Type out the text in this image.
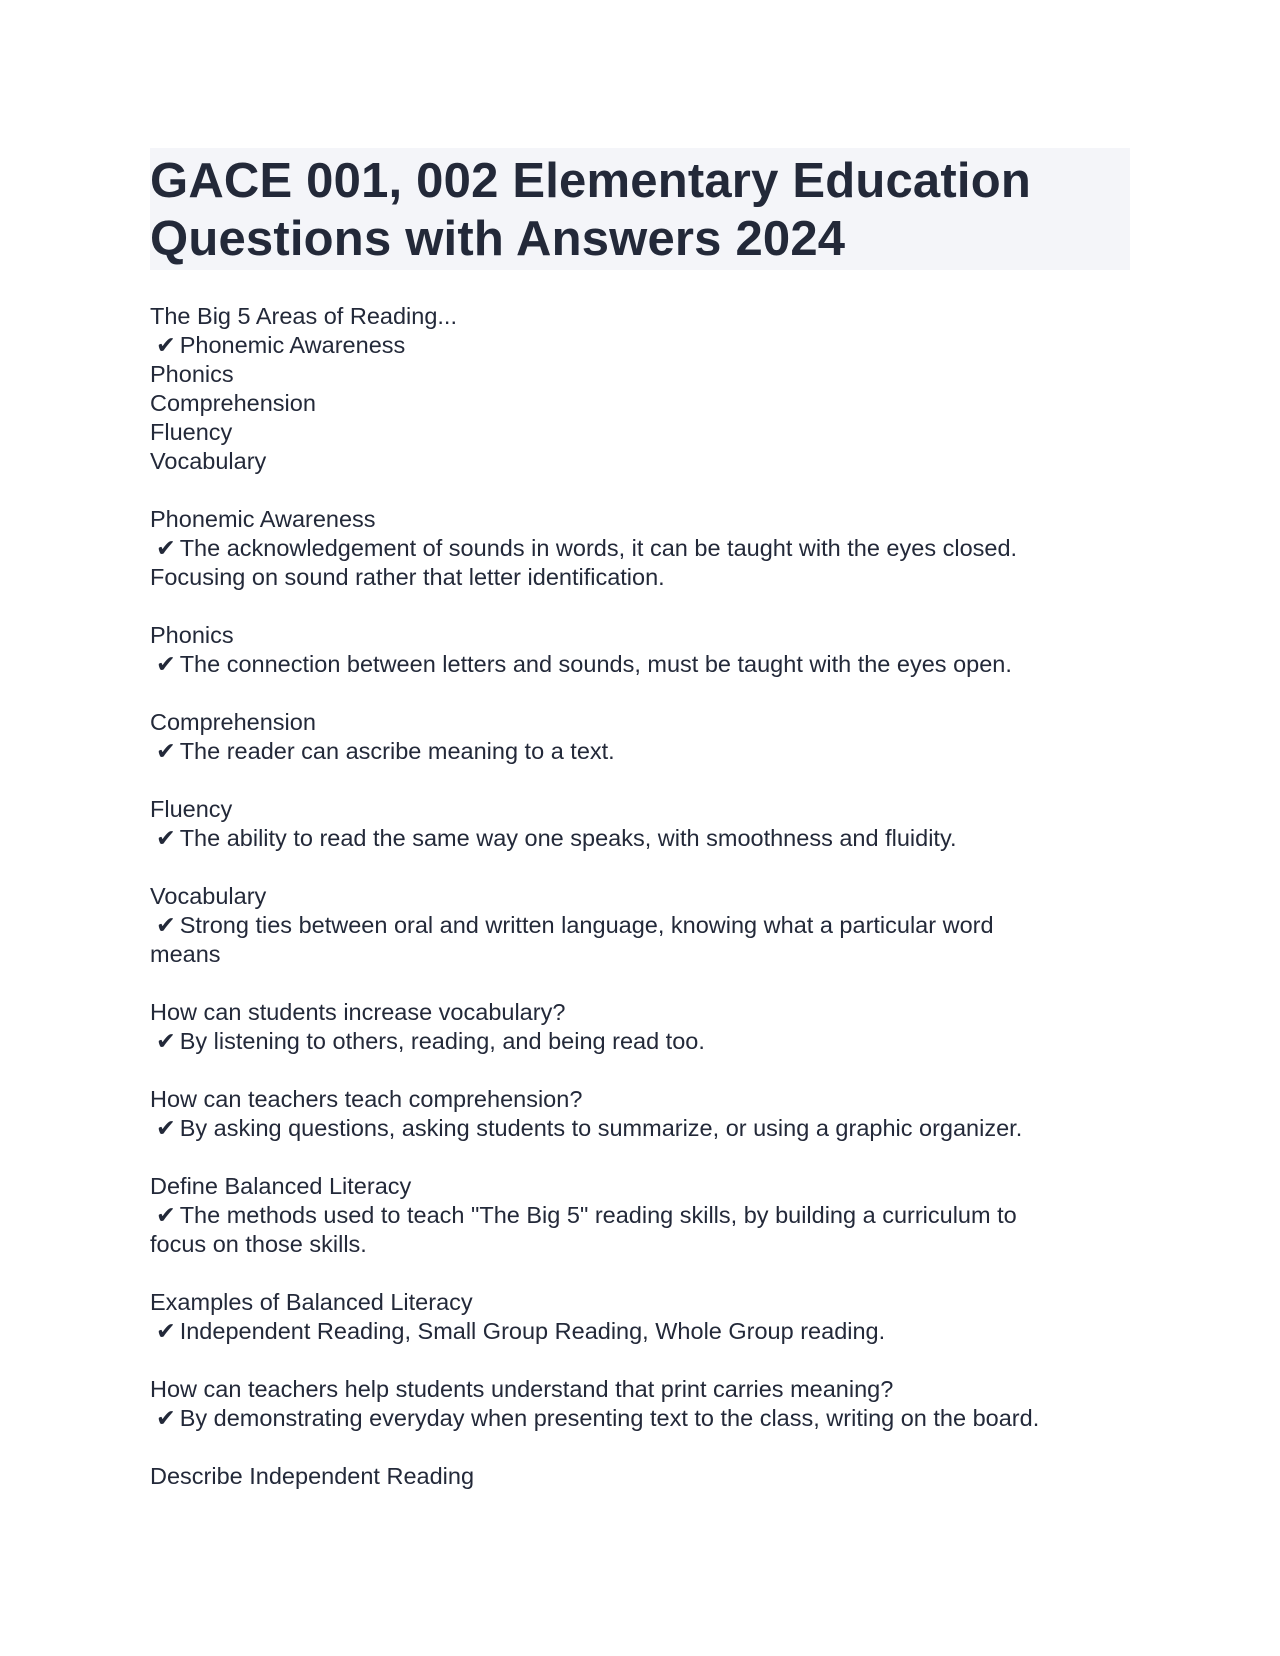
GACE 001, 002 Elementary Education
Questions with Answers 2024
The Big 5 Areas of Reading...
✔ Phonemic Awareness
Phonics
Comprehension
Fluency
Vocabulary
Phonemic Awareness
✔ The acknowledgement of sounds in words, it can be taught with the eyes closed.
Focusing on sound rather that letter identification.
Phonics
✔ The connection between letters and sounds, must be taught with the eyes open.
Comprehension
✔ The reader can ascribe meaning to a text.
Fluency
✔ The ability to read the same way one speaks, with smoothness and fluidity.
Vocabulary
✔ Strong ties between oral and written language, knowing what a particular word
means
How can students increase vocabulary?
✔ By listening to others, reading, and being read too.
How can teachers teach comprehension?
✔ By asking questions, asking students to summarize, or using a graphic organizer.
Define Balanced Literacy
✔ The methods used to teach "The Big 5" reading skills, by building a curriculum to
focus on those skills.
Examples of Balanced Literacy
✔ Independent Reading, Small Group Reading, Whole Group reading.
How can teachers help students understand that print carries meaning?
✔ By demonstrating everyday when presenting text to the class, writing on the board.
Describe Independent Reading
